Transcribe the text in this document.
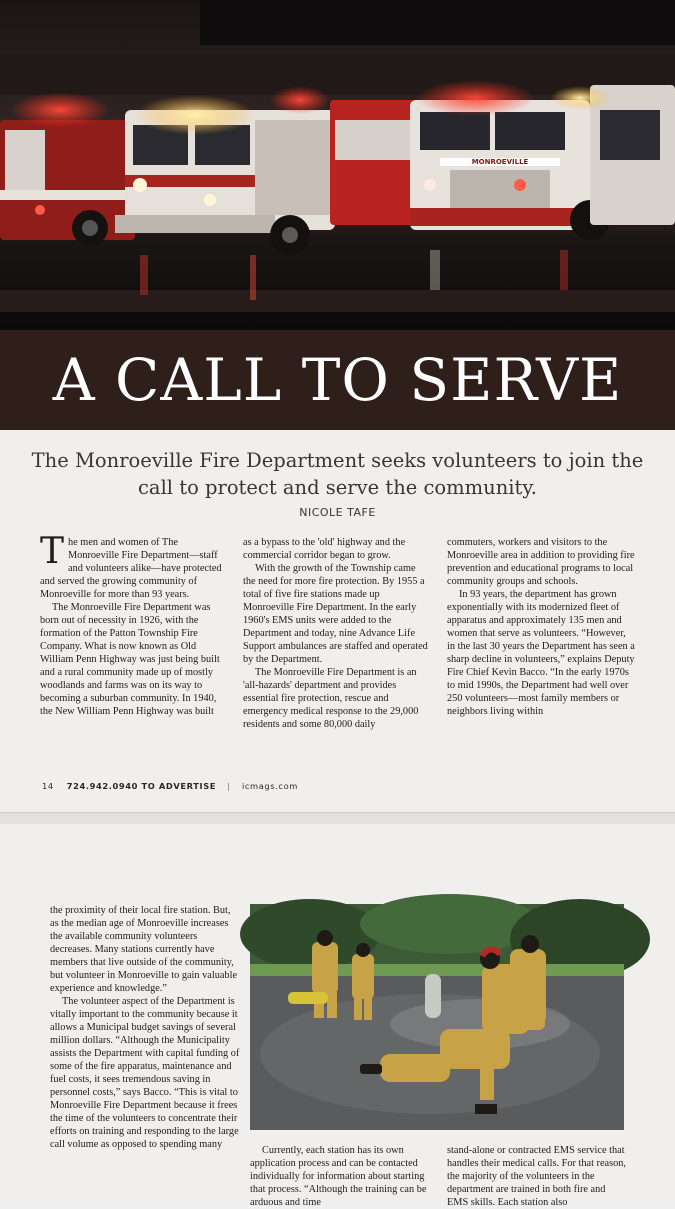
MONROEVILLE
A CALL TO SERVE
The Monroeville Fire Department seeks volunteers to join the call to protect and serve the community.
NICOLE TAFE

The men and women of The Monroeville Fire Department—staff and volunteers alike—have protected and served the growing community of Monroeville for more than 93 years.

The Monroeville Fire Department was born out of necessity in 1926, with the formation of the Patton Township Fire Company. What is now known as Old William Penn Highway was just being built and a rural community made up of mostly woodlands and farms was on its way to becoming a suburban community. In 1940, the New William Penn Highway was built

as a bypass to the 'old' highway and the commercial corridor began to grow.

With the growth of the Township came the need for more fire protection. By 1955 a total of five fire stations made up Monroeville Fire Department. In the early 1960's EMS units were added to the Department and today, nine Advance Life Support ambulances are staffed and operated by the Department.

The Monroeville Fire Department is an 'all-hazards' department and provides essential fire protection, rescue and emergency medical response to the 29,000 residents and some 80,000 daily

commuters, workers and visitors to the Monroeville area in addition to providing fire prevention and educational programs to local community groups and schools.

In 93 years, the department has grown exponentially with its modernized fleet of apparatus and approximately 135 men and women that serve as volunteers. “However, in the last 30 years the Department has seen a sharp decline in volunteers,” explains Deputy Fire Chief Kevin Bacco. “In the early 1970s to mid 1990s, the Department had well over 250 volunteers—most family members or neighbors living within

14 724.942.0940 TO ADVERTISE | icmags.com

the proximity of their local fire station. But, as the median age of Monroeville increases the available community volunteers decreases. Many stations currently have members that live outside of the community, but volunteer in Monroeville to gain valuable experience and knowledge.”

The volunteer aspect of the Department is vitally important to the community because it allows a Municipal budget savings of several million dollars. “Although the Municipality assists the Department with capital funding of some of the fire apparatus, maintenance and fuel costs, it sees tremendous saving in personnel costs,” says Bacco. “This is vital to Monroeville Fire Department because it frees the time of the volunteers to concentrate their efforts on training and responding to the large call volume as opposed to spending many

Currently, each station has its own application process and can be contacted individually for information about starting that process. “Although the training can be arduous and time

stand-alone or contracted EMS service that handles their medical calls. For that reason, the majority of the volunteers in the department are trained in both fire and EMS skills. Each station also
